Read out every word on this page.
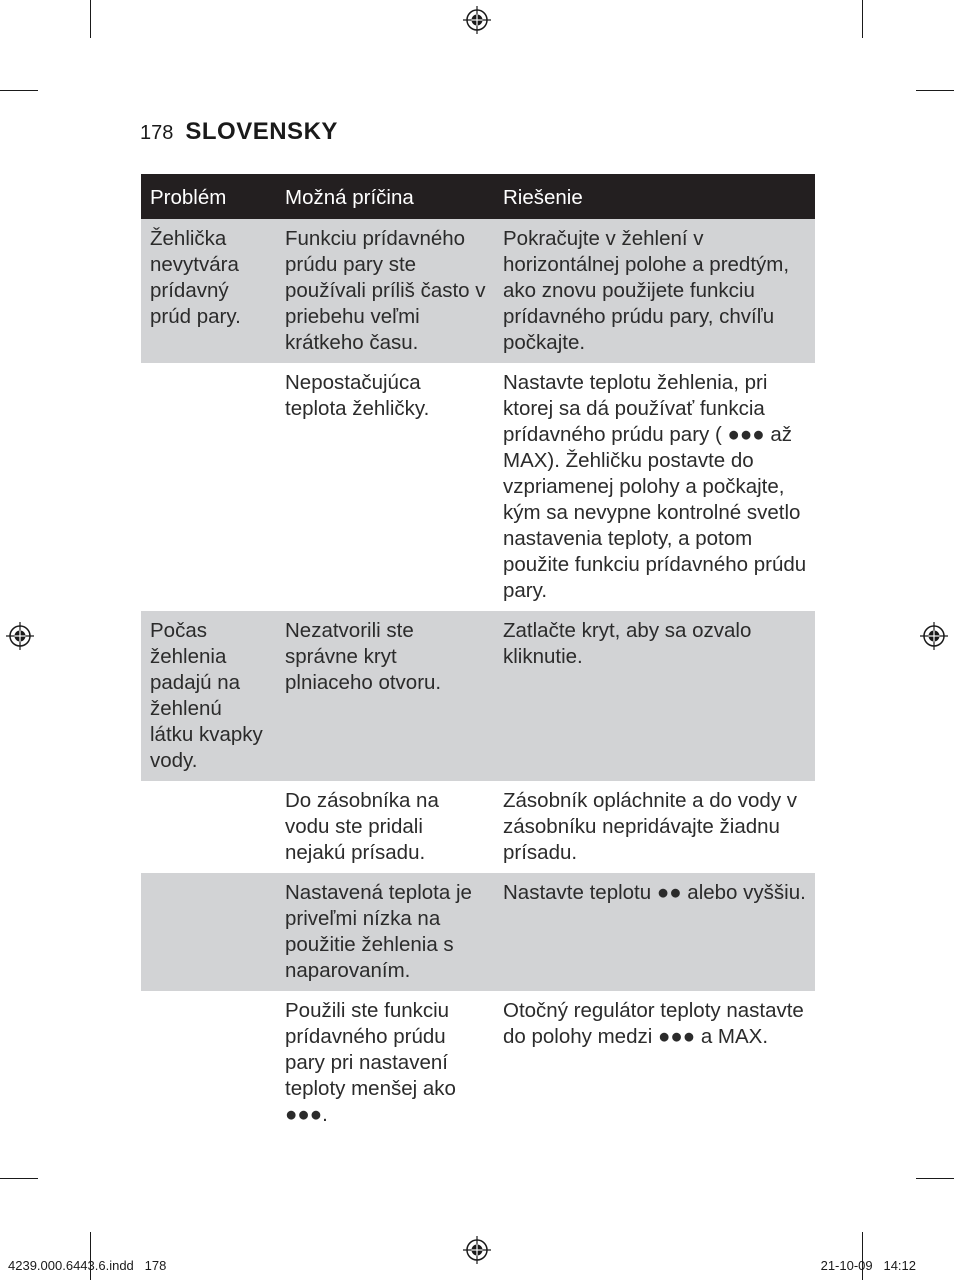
178 SLOVENSKY
Problém	Možná príčina	Riešenie
Žehlička nevytvára prídavný prúd pary.	Funkciu prídavného prúdu pary ste používali príliš často v priebehu veľmi krátkeho času.	Pokračujte v žehlení v horizontálnej polohe a predtým, ako znovu použijete funkciu prídavného prúdu pary, chvíľu počkajte.
	Nepostačujúca teplota žehličky.	Nastavte teplotu žehlenia, pri ktorej sa dá používať funkcia prídavného prúdu pary ( ●●● až MAX). Žehličku postavte do vzpriamenej polohy a počkajte, kým sa nevypne kontrolné svetlo nastavenia teploty, a potom použite funkciu prídavného prúdu pary.
Počas žehlenia padajú na žehlenú látku kvapky vody.	Nezatvorili ste správne kryt plniaceho otvoru.	Zatlačte kryt, aby sa ozvalo kliknutie.
	Do zásobníka na vodu ste pridali nejakú prísadu.	Zásobník opláchnite a do vody v zásobníku nepridávajte žiadnu prísadu.
	Nastavená teplota je priveľmi nízka na použitie žehlenia s naparovaním.	Nastavte teplotu ●● alebo vyššiu.
	Použili ste funkciu prídavného prúdu pary pri nastavení teploty menšej ako ●●●.	Otočný regulátor teploty nastavte do polohy medzi ●●● a MAX.
4239.000.6443.6.indd   178	21-10-09   14:12
